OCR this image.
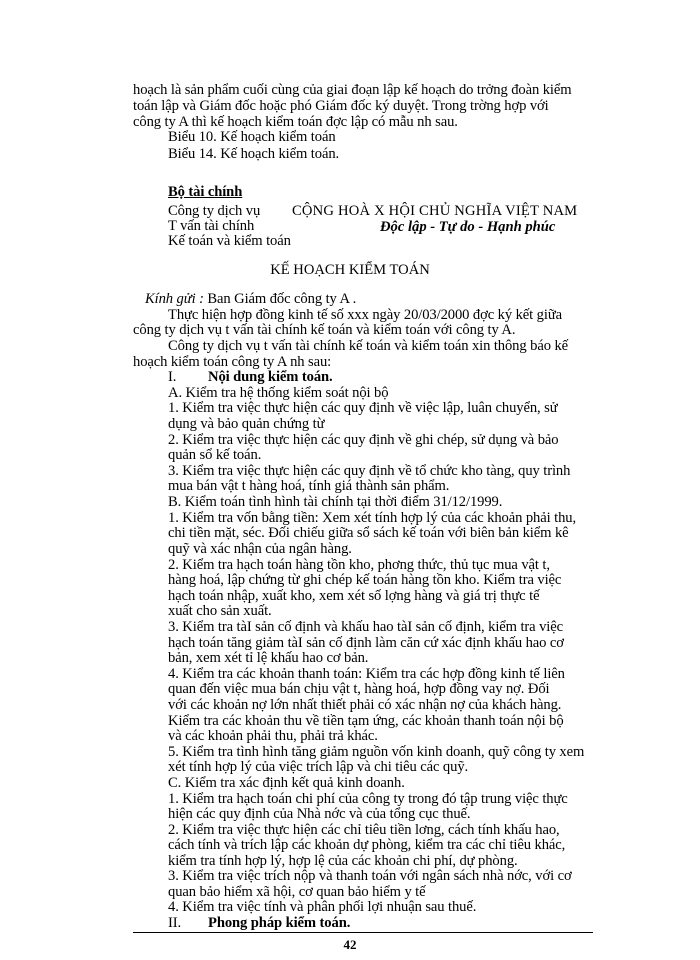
hoạch là sản phẩm cuối cùng của giai đoạn lập kế hoạch do trởng đoàn kiểm
toán lập và Giám đốc hoặc phó Giám đốc ký duyệt. Trong trờng hợp với
công ty A thì kế hoạch kiểm toán đợc lập có mẫu nh sau.
Biểu 10. Kế hoạch kiểm toán
Biểu 14. Kế hoạch kiểm toán.
Bộ tài chính
Công ty dịch vụ
T vấn tài chính
Kế toán và kiểm toán
CỘNG HOÀ X HỘI CHỦ NGHĨA VIỆT NAM
Độc lập - Tự do - Hạnh phúc
KẾ HOẠCH KIỂM TOÁN
Kính gửi : Ban Giám đốc công ty A .
Thực hiện hợp đồng kinh tế số xxx ngày 20/03/2000 đợc ký kết giữa
công ty dịch vụ t vấn tài chính kế toán và kiểm toán với công ty A.
Công ty dịch vụ t vấn tài chính kế toán và kiểm toán xin thông báo kế
hoạch kiểm toán công ty A nh sau:
I. Nội dung kiểm toán.
A. Kiểm tra hệ thống kiểm soát nội bộ
1. Kiểm tra việc thực hiện các quy định về việc lập, luân chuyển, sử
dụng và bảo quản chứng từ
2. Kiểm tra việc thực hiện các quy định về ghi chép, sử dụng và bảo
quản sổ kế toán.
3. Kiểm tra việc thực hiện các quy định về tổ chức kho tàng, quy trình
mua bán vật t hàng hoá, tính giá thành sản phẩm.
B. Kiểm toán tình hình tài chính tại thời điểm 31/12/1999.
1. Kiểm tra vốn bằng tiền: Xem xét tính hợp lý của các khoản phải thu,
chi tiền mặt, séc. Đối chiếu giữa sổ sách kế toán với biên bản kiểm kê
quỹ và xác nhận của ngân hàng.
2. Kiểm tra hạch toán hàng tồn kho, phơng thức, thủ tục mua vật t,
hàng hoá, lập chứng từ ghi chép kế toán hàng tồn kho. Kiểm tra việc
hạch toán nhập, xuất kho, xem xét số lợng hàng và giá trị thực tế
xuất cho sản xuất.
3. Kiểm tra tàI sản cố định và khấu hao tàI sản cố định, kiểm tra việc
hạch toán tăng giảm tàI sản cố định làm căn cứ xác định khấu hao cơ
bản, xem xét tỉ lệ khấu hao cơ bản.
4. Kiểm tra các khoản thanh toán: Kiểm tra các hợp đồng kinh tế liên
quan đến việc mua bán chịu vật t, hàng hoá, hợp đồng vay nợ. Đối
với các khoản nợ lớn nhất thiết phải có xác nhận nợ của khách hàng.
Kiểm tra các khoản thu về tiền tạm ứng, các khoản thanh toán nội bộ
và các khoản phải thu, phải trả khác.
5. Kiểm tra tình hình tăng giảm nguồn vốn kinh doanh, quỹ công ty xem
xét tính hợp lý của việc trích lập và chi tiêu các quỹ.
C. Kiểm tra xác định kết quả kinh doanh.
1. Kiểm tra hạch toán chi phí của công ty trong đó tập trung việc thực
hiện các quy định của Nhà nớc và của tổng cục thuế.
2. Kiểm tra việc thực hiện các chỉ tiêu tiền lơng, cách tính khấu hao,
cách tính và trích lập các khoản dự phòng, kiểm tra các chỉ tiêu khác,
kiểm tra tính hợp lý, hợp lệ của các khoản chi phí, dự phòng.
3. Kiểm tra việc trích nộp và thanh toán với ngân sách nhà nớc, với cơ
quan bảo hiểm xã hội, cơ quan bảo hiểm y tế
4. Kiểm tra việc tính và phân phối lợi nhuận sau thuế.
II. Phong pháp kiểm toán.
42
